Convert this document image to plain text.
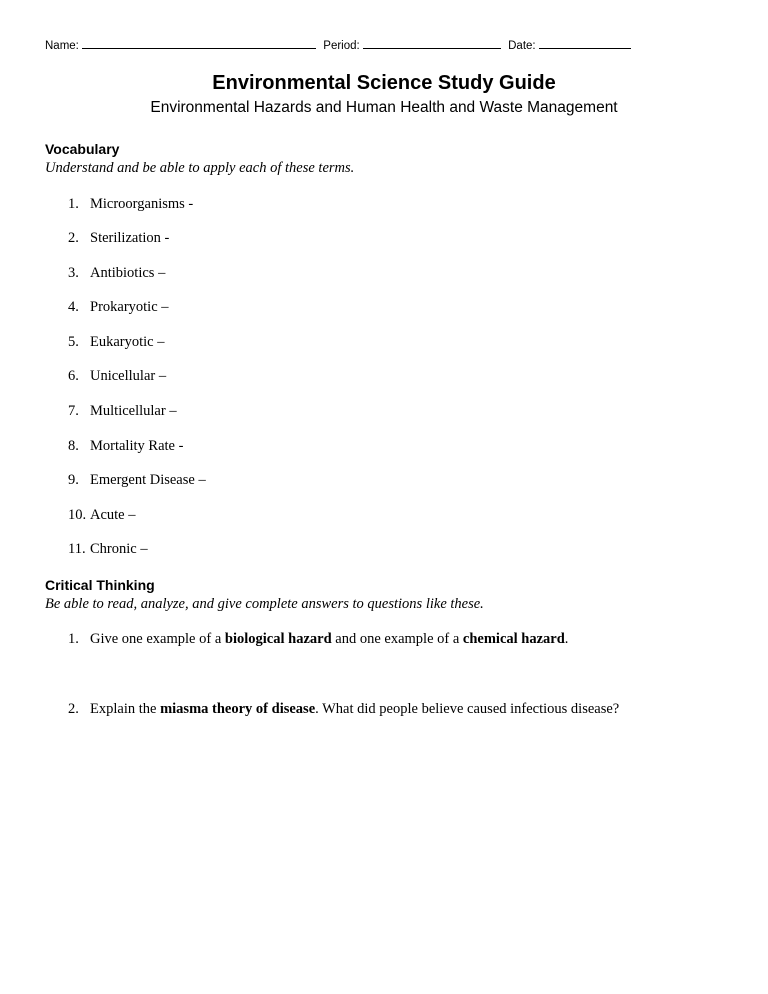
Name:	Period:	Date:
Environmental Science Study Guide
Environmental Hazards and Human Health and Waste Management
Vocabulary
Understand and be able to apply each of these terms.
1. Microorganisms -
2. Sterilization -
3. Antibiotics –
4. Prokaryotic –
5. Eukaryotic –
6. Unicellular –
7. Multicellular –
8. Mortality Rate -
9. Emergent Disease –
10. Acute –
11. Chronic –
Critical Thinking
Be able to read, analyze, and give complete answers to questions like these.
1. Give one example of a biological hazard and one example of a chemical hazard.
2. Explain the miasma theory of disease. What did people believe caused infectious disease?
